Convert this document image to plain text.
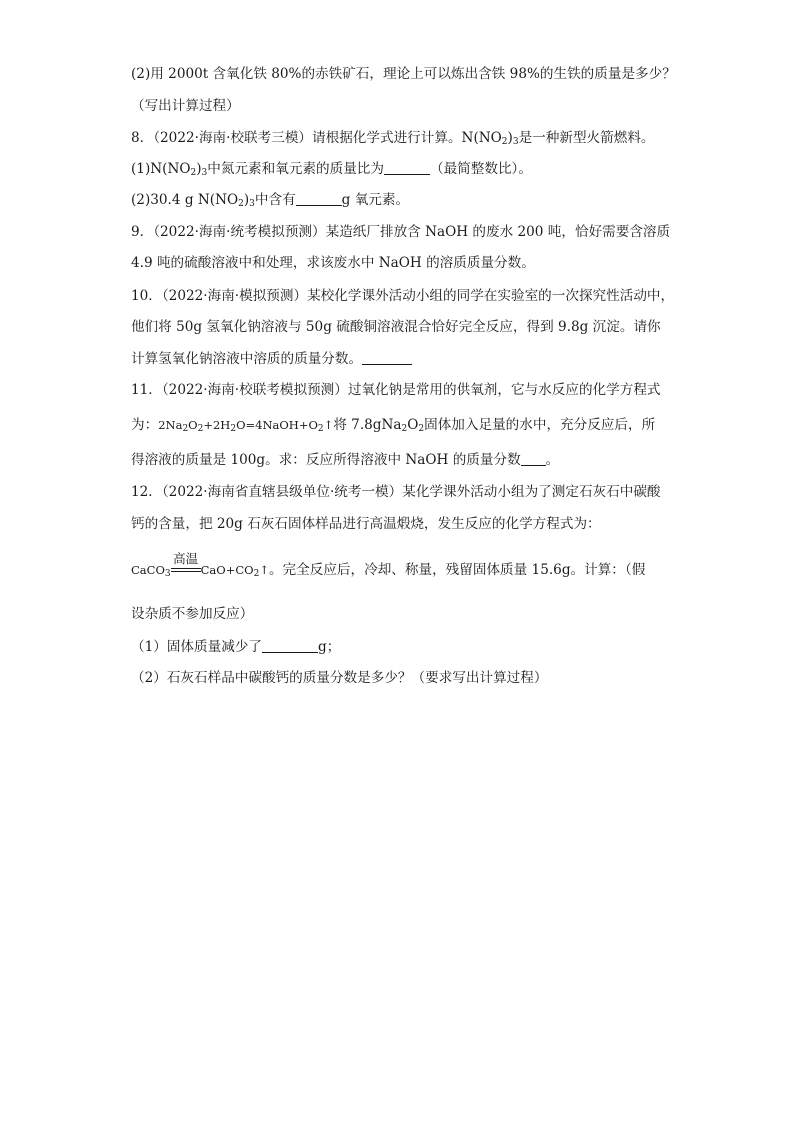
(2)用 2000t 含氧化铁 80%的赤铁矿石，理论上可以炼出含铁 98%的生铁的质量是多少？
（写出计算过程）
8．（2022·海南·校联考三模）请根据化学式进行计算。$N(NO_2)_3$是一种新型火箭燃料。
$(1)N(NO_2)_3$中氮元素和氧元素的质量比为	（最简整数比）。
(2)30.4 g $N(NO_2)_3$中含有	g 氧元素。
9．（2022·海南·统考模拟预测）某造纸厂排放含 NaOH 的废水 200 吨，恰好需要含溶质
4.9 吨的硫酸溶液中和处理，求该废水中 NaOH 的溶质质量分数。
10．（2022·海南·模拟预测）某校化学课外活动小组的同学在实验室的一次探究性活动中，
他们将 50g 氢氧化钠溶液与 50g 硫酸铜溶液混合恰好完全反应，得到 9.8g 沉淀。请你
计算氢氧化钠溶液中溶质的质量分数。
11．（2022·海南·校联考模拟预测）过氧化钠是常用的供氧剂，它与水反应的化学方程式
为：$2Na_2O_2+2H_2O=4NaOH+O_2↑$将 $7.8gNa_2O_2$固体加入足量的水中，充分反应后，所
得溶液的质量是 100g。求：反应所得溶液中 NaOH 的质量分数 。
12．（2022·海南省直辖县级单位·统考一模）某化学课外活动小组为了测定石灰石中碳酸
钙的含量，把 20g 石灰石固体样品进行高温煅烧，发生反应的化学方程式为：
CaCO$_3$
高温
$CaO+CO_2↑$。完全反应后，冷却、称量，残留固体质量 15.6g。计算：（假
设杂质不参加反应）
（1）固体质量减少了	g；
（2）石灰石样品中碳酸钙的质量分数是多少？（要求写出计算过程）
